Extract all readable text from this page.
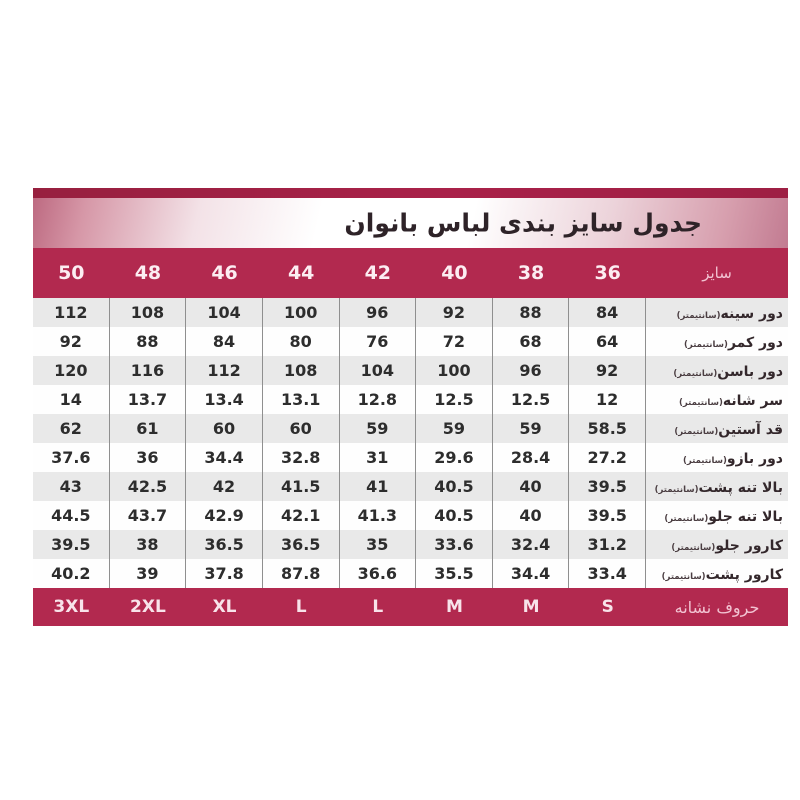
جدول سایز بندی لباس بانوان
سایز
36
38
40
42
44
46
48
50
دور سینه(سانتیمتر)
84
88
92
96
100
104
108
112
دور کمر(سانتیمتر)
64
68
72
76
80
84
88
92
دور باسن(سانتیمتر)
92
96
100
104
108
112
116
120
سر شانه(سانتیمتر)
12
12.5
12.5
12.8
13.1
13.4
13.7
14
قد آستین(سانتیمتر)
58.5
59
59
59
60
60
61
62
دور بازو(سانتیمتر)
27.2
28.4
29.6
31
32.8
34.4
36
37.6
بالا تنه پشت(سانتیمتر)
39.5
40
40.5
41
41.5
42
42.5
43
بالا تنه جلو(سانتیمتر)
39.5
40
40.5
41.3
42.1
42.9
43.7
44.5
کارور جلو(سانتیمتر)
31.2
32.4
33.6
35
36.5
36.5
38
39.5
کارور پشت(سانتیمتر)
33.4
34.4
35.5
36.6
87.8
37.8
39
40.2
حروف نشانه
S
M
M
L
L
XL
2XL
3XL
